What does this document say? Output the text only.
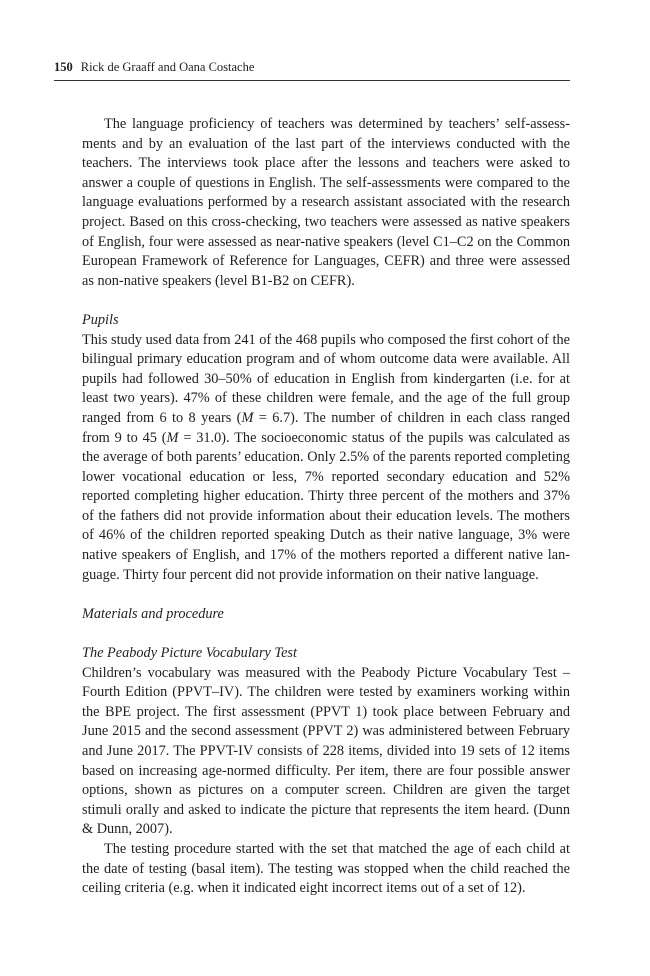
150 Rick de Graaff and Oana Costache

The language proficiency of teachers was determined by teachers’ self-assessments and by an evaluation of the last part of the interviews conducted with the teachers. The interviews took place after the lessons and teachers were asked to answer a couple of questions in English. The self-assessments were compared to the language evaluations performed by a research assistant associated with the research project. Based on this cross-checking, two teachers were assessed as native speakers of English, four were assessed as near-native speakers (level C1–C2 on the Common European Framework of Reference for Languages, CEFR) and three were assessed as non-native speakers (level B1-B2 on CEFR).

Pupils

This study used data from 241 of the 468 pupils who composed the first cohort of the bilingual primary education program and of whom outcome data were available. All pupils had followed 30–50% of education in English from kindergarten (i.e. for at least two years). 47% of these children were female, and the age of the full group ranged from 6 to 8 years (M = 6.7). The number of children in each class ranged from 9 to 45 (M = 31.0). The socioeconomic status of the pupils was calculated as the average of both parents’ education. Only 2.5% of the parents reported completing lower vocational education or less, 7% reported secondary education and 52% reported completing higher education. Thirty three percent of the mothers and 37% of the fathers did not provide information about their education levels. The mothers of 46% of the children reported speaking Dutch as their native language, 3% were native speakers of English, and 17% of the mothers reported a different native language. Thirty four percent did not provide information on their native language.

Materials and procedure

The Peabody Picture Vocabulary Test

Children’s vocabulary was measured with the Peabody Picture Vocabulary Test – Fourth Edition (PPVT–IV). The children were tested by examiners working within the BPE project. The first assessment (PPVT 1) took place between February and June 2015 and the second assessment (PPVT 2) was administered between February and June 2017. The PPVT-IV consists of 228 items, divided into 19 sets of 12 items based on increasing age-normed difficulty. Per item, there are four possible answer options, shown as pictures on a computer screen. Children are given the target stimuli orally and asked to indicate the picture that represents the item heard. (Dunn & Dunn, 2007).

The testing procedure started with the set that matched the age of each child at the date of testing (basal item). The testing was stopped when the child reached the ceiling criteria (e.g. when it indicated eight incorrect items out of a set of 12).
